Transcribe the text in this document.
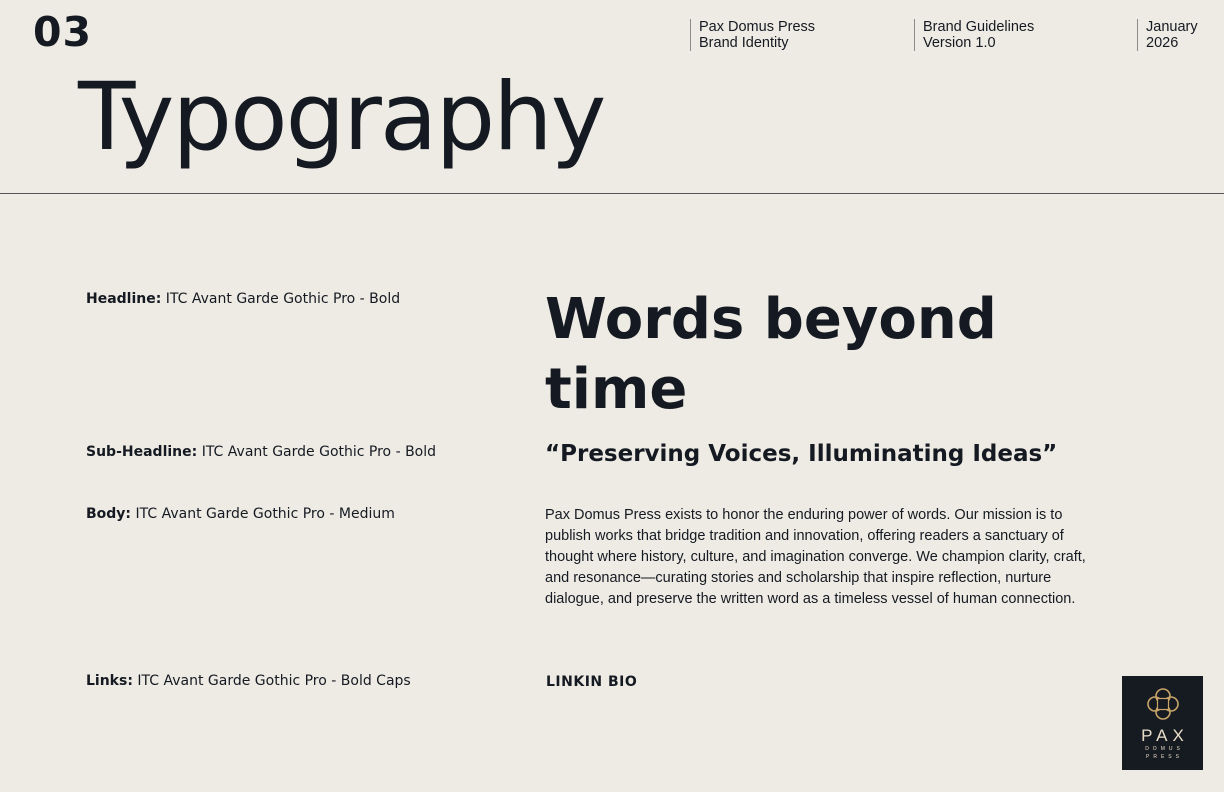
03	Pax Domus Press
Brand Identity
Brand Guidelines
Version 1.0
January
2026
Typography
Headline: ITC Avant Garde Gothic Pro - Bold
Sub-Headline: ITC Avant Garde Gothic Pro - Bold
Body: ITC Avant Garde Gothic Pro - Medium
Links: ITC Avant Garde Gothic Pro - Bold Caps
Words beyond time
“Preserving Voices, Illuminating Ideas”
Pax Domus Press exists to honor the enduring power of words. Our mission is to publish works that bridge tradition and innovation, offering readers a sanctuary of thought where history, culture, and imagination converge. We champion clarity, craft, and resonance—curating stories and scholarship that inspire reflection, nurture dialogue, and preserve the written word as a timeless vessel of human connection.
LINKIN BIO
PAX
DOMUS
PRESS
